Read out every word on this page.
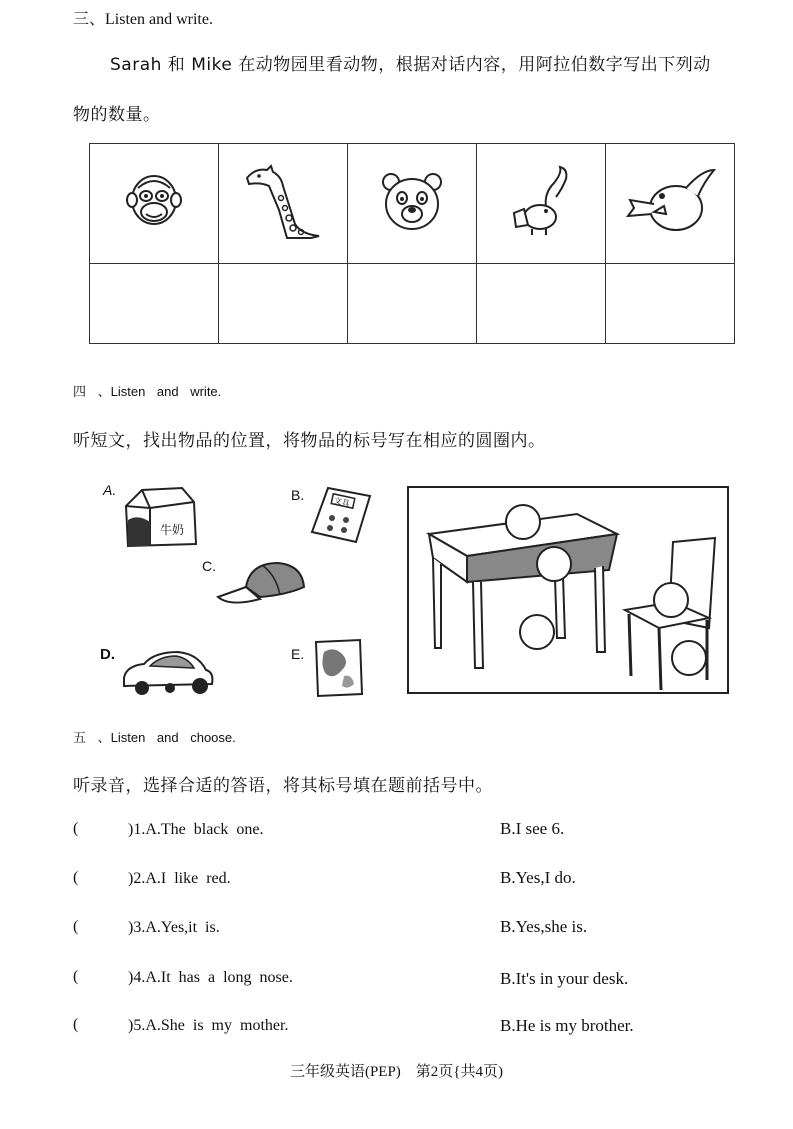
三、Listen and write.
Sarah 和 Mike 在动物园里看动物，根据对话内容，用阿拉伯数字写出下列动
物的数量。

四 、Listen and write.
听短文，找出物品的位置，将物品的标号写在相应的圆圈内。
A.
牛奶
B.	文具
C.
D.	E.
五 、Listen and choose.
听录音，选择合适的答语，将其标号填在题前括号中。
(	)1.A.The black one.	B.I see 6.
(	)2.A.I like red.	B.Yes,I do.
(	)3.A.Yes,it is.	B.Yes,she is.
(	)4.A.It has a long nose.	B.It's in your desk.
(	)5.A.She is my mother.	B.He is my brother.
三年级英语(PEP)　第2页{共4页)
